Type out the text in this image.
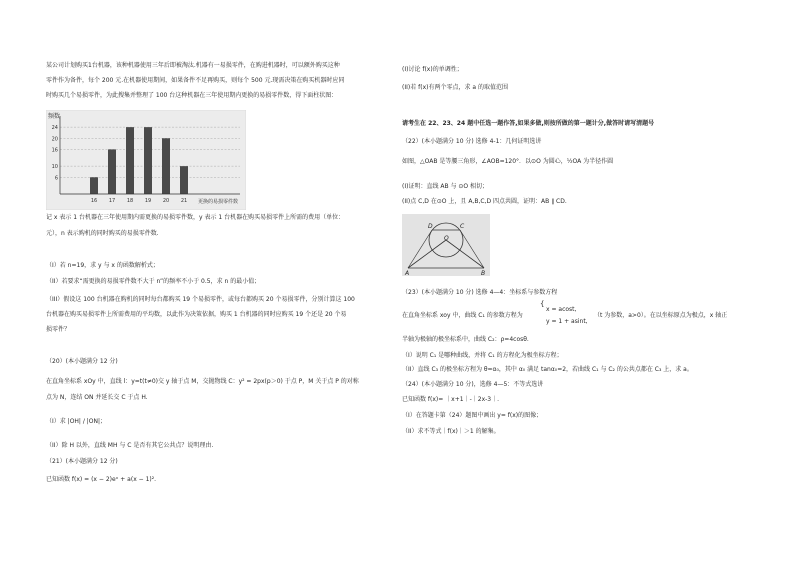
某公司计划购买1台机器，该种机器使用三年后即被淘汰.机器有一易损零件，在购进机器时，可以额外购买这种
零件作为备件，每个 200 元.在机器使用期间，如果备件不足再购买，则每个 500 元.现需决策在购买机器时应同
时购买几个易损零件，为此搜集并整理了 100 台这种机器在三年使用期内更换的易损零件数，得下面柱状图：
6
10
16
20
24
16 17 18 19 20 21
频数
更换的易损零件数
记 x 表示 1 台机器在三年使用期内需更换的易损零件数，y 表示 1 台机器在购买易损零件上所需的费用（单位：
元），n 表示购机的同时购买的易损零件数.
（I）若 n=19，求 y 与 x 的函数解析式；
（II）若要求“需更换的易损零件数不大于 n”的频率不小于 0.5，求 n 的最小值；
（III）假设这 100 台机器在购机的同时每台都购买 19 个易损零件，或每台都购买 20 个易损零件，分别计算这 100
台机器在购买易损零件上所需费用的平均数，以此作为决策依据，购买 1 台机器的同时应购买 19 个还是 20 个易
损零件？
（20）(本小题满分 12 分)
在直角坐标系 xOy 中，直线 l：y=t(t≠0)交 y 轴于点 M，交抛物线 C：y² = 2px(p＞0) 于点 P，M 关于点 P 的对称
点为 N，连结 ON 并延长交 C 于点 H.
（I）求 |OH| / |ON|；
（II）除 H 以外，直线 MH 与 C 是否有其它公共点？说明理由.
（21）(本小题满分 12 分)
已知函数 f(x) = (x − 2)eˣ + a(x − 1)².
(I)讨论 f(x)的单调性；
(II)若 f(x)有两个零点，求 a 的取值范围
请考生在 22、23、24 题中任选一题作答,如果多做,则按所做的第一题计分,做答时请写清题号
（22）(本小题满分 10 分) 选修 4-1：几何证明选讲
如图，△OAB 是等腰三角形，∠AOB=120°．以⊙O 为圆心，½OA 为半径作圆
(I)证明：直线 AB 与 ⊙O 相切；
(II)点 C,D 在⊙O 上，且 A,B,C,D 四点共圆，证明：AB ∥ CD.
D	C
O
A	B
（23）(本小题满分 10 分) 选修 4—4：坐标系与参数方程
在直角坐标系 xoy 中，曲线 C₁ 的参数方程为
{
x = acost,
y = 1 + asint,
（t 为参数，a>0）。在以坐标原点为极点，x 轴正
半轴为极轴的极坐标系中，曲线 C₂：ρ=4cosθ.
（I）说明 C₁ 是哪种曲线，并将 C₁ 的方程化为极坐标方程；
（II）直线 C₃ 的极坐标方程为 θ=α₀，其中 α₀ 满足 tanα₀=2，若曲线 C₁ 与 C₂ 的公共点都在 C₃ 上，求 a。
（24）(本小题满分 10 分)，选修 4—5：不等式选讲
已知函数 f(x)= ｜x+1｜-｜2x-3｜.
（I）在答题卡第（24）题图中画出 y= f(x)的图像；
（II）求不等式｜f(x)｜＞1 的解集。
